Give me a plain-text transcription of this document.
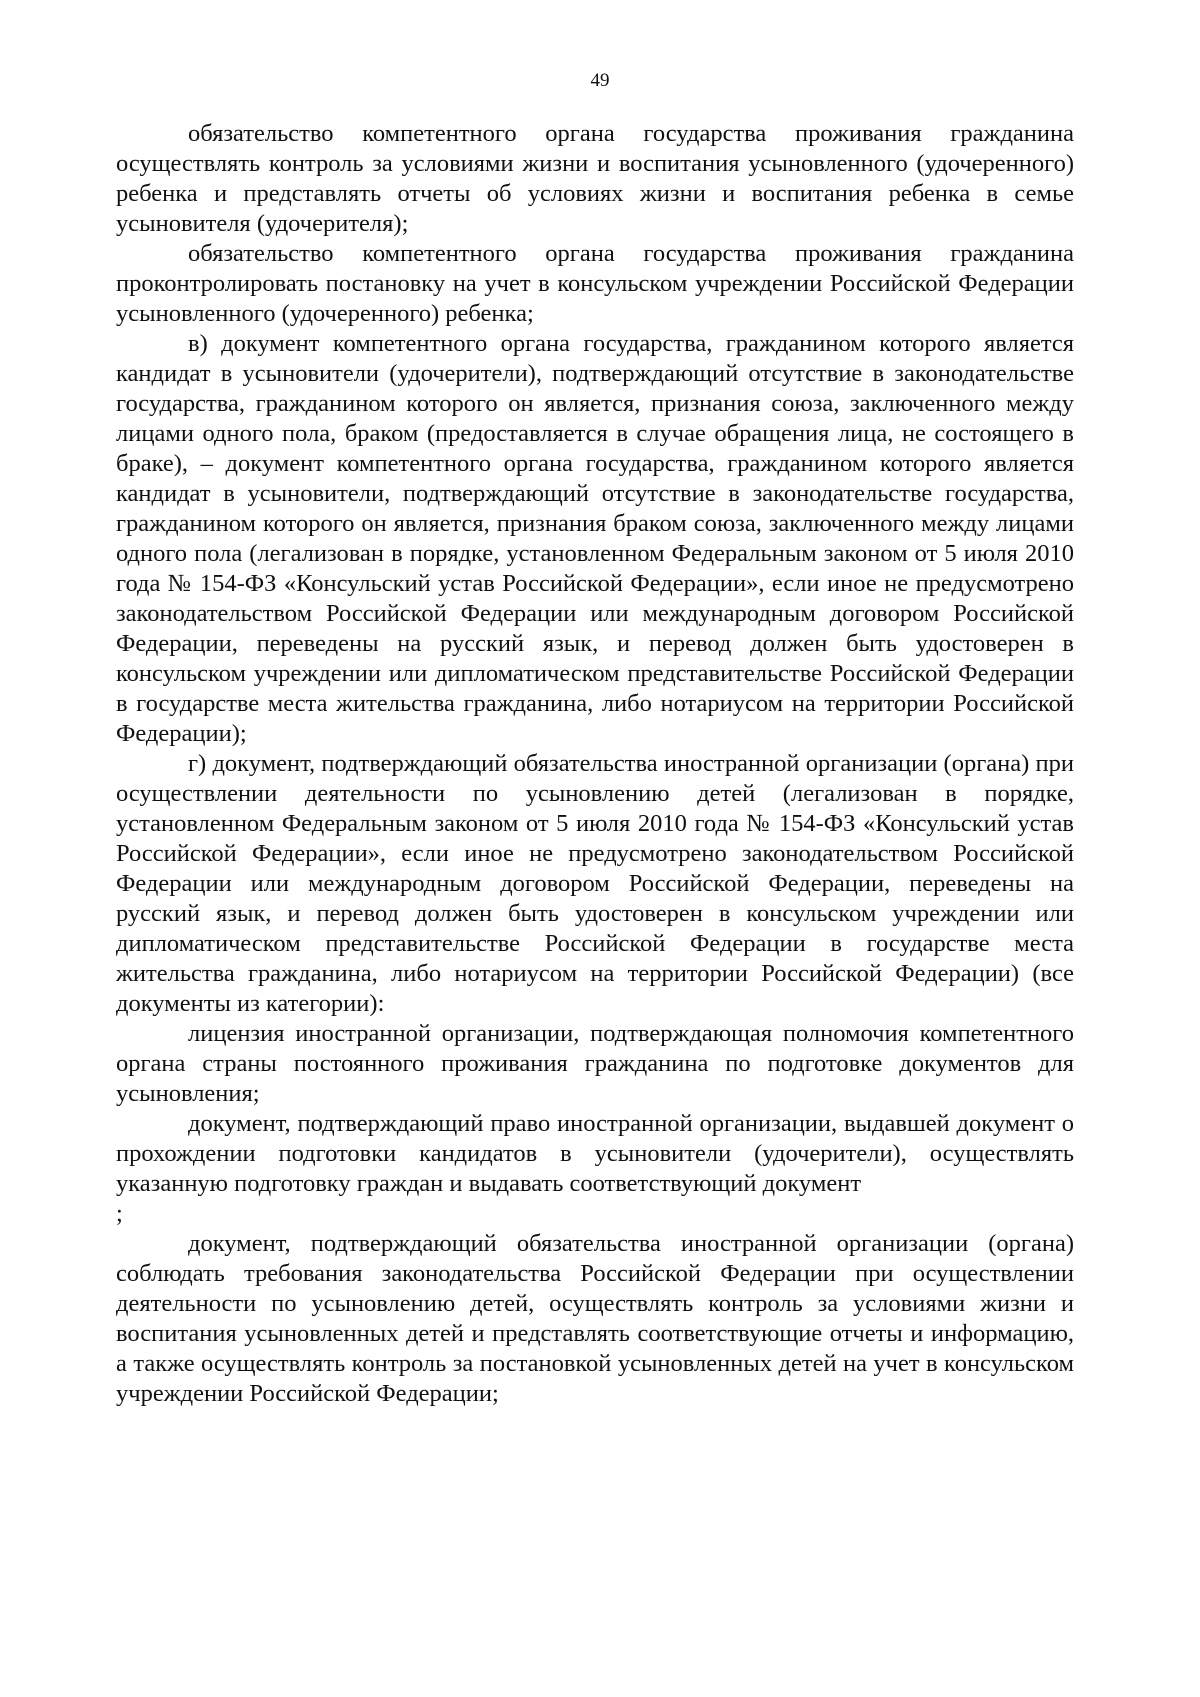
49

обязательство компетентного органа государства проживания гражданина осуществлять контроль за условиями жизни и воспитания усыновленного (удочеренного) ребенка и представлять отчеты об условиях жизни и воспитания ребенка в семье усыновителя (удочерителя);

обязательство компетентного органа государства проживания гражданина проконтролировать постановку на учет в консульском учреждении Российской Федерации усыновленного (удочеренного) ребенка;

в) документ компетентного органа государства, гражданином которого является кандидат в усыновители (удочерители), подтверждающий отсутствие в законодательстве государства, гражданином которого он является, признания союза, заключенного между лицами одного пола, браком (предоставляется в случае обращения лица, не состоящего в браке), – документ компетентного органа государства, гражданином которого является кандидат в усыновители, подтверждающий отсутствие в законодательстве государства, гражданином которого он является, признания браком союза, заключенного между лицами одного пола (легализован в порядке, установленном Федеральным законом от 5 июля 2010 года № 154-ФЗ «Консульский устав Российской Федерации», если иное не предусмотрено законодательством Российской Федерации или международным договором Российской Федерации, переведены на русский язык, и перевод должен быть удостоверен в консульском учреждении или дипломатическом представительстве Российской Федерации в государстве места жительства гражданина, либо нотариусом на территории Российской Федерации);

г) документ, подтверждающий обязательства иностранной организации (органа) при осуществлении деятельности по усыновлению детей (легализован в порядке, установленном Федеральным законом от 5 июля 2010 года № 154-ФЗ «Консульский устав Российской Федерации», если иное не предусмотрено законодательством Российской Федерации или международным договором Российской Федерации, переведены на русский язык, и перевод должен быть удостоверен в консульском учреждении или дипломатическом представительстве Российской Федерации в государстве места жительства гражданина, либо нотариусом на территории Российской Федерации) (все документы из категории):

лицензия иностранной организации, подтверждающая полномочия компетентного органа страны постоянного проживания гражданина по подготовке документов для усыновления;

документ, подтверждающий право иностранной организации, выдавшей документ о прохождении подготовки кандидатов в усыновители (удочерители), осуществлять указанную подготовку граждан и выдавать соответствующий документ

;

документ, подтверждающий обязательства иностранной организации (органа) соблюдать требования законодательства Российской Федерации при осуществлении деятельности по усыновлению детей, осуществлять контроль за условиями жизни и воспитания усыновленных детей и представлять соответствующие отчеты и информацию, а также осуществлять контроль за постановкой усыновленных детей на учет в консульском учреждении Российской Федерации;
